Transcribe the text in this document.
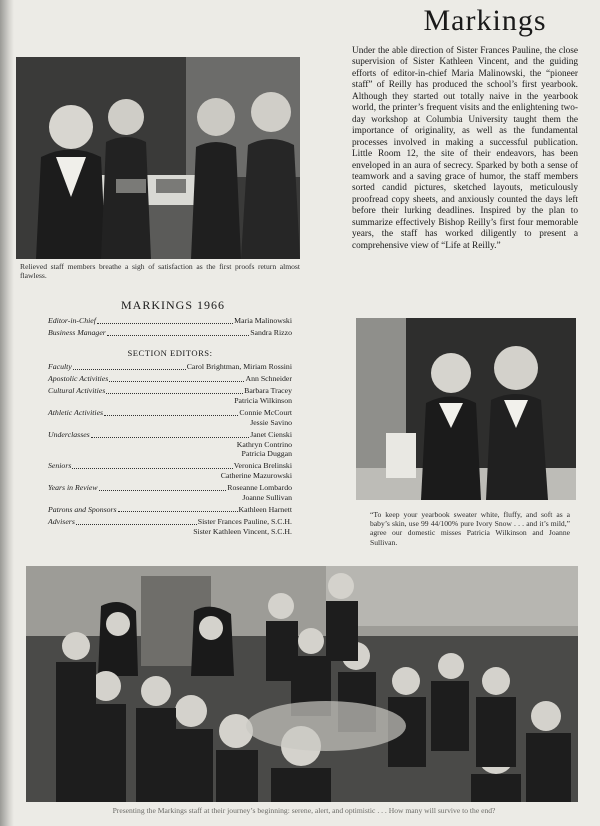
Relieved staff members breathe a sigh of satisfaction as the first proofs return almost flawless.
Markings

Under the able direction of Sister Frances Pauline, the close supervision of Sister Kathleen Vincent, and the guiding efforts of editor-in-chief Maria Malinowski, the “pioneer staff” of Reilly has produced the school’s first yearbook. Although they started out totally naive in the yearbook world, the printer’s frequent visits and the enlightening two-day workshop at Columbia University taught them the importance of originality, as well as the fundamental processes involved in making a successful publication. Little Room 12, the site of their endeavors, has been enveloped in an aura of secrecy. Sparked by both a sense of teamwork and a saving grace of humor, the staff members sorted candid pictures, sketched layouts, meticulously proofread copy sheets, and anxiously counted the days left before their lurking deadlines. Inspired by the plan to summarize effectively Bishop Reilly’s first four memorable years, the staff has worked diligently to present a comprehensive view of “Life at Reilly.”

MARKINGS 1966
Editor-in-Chief	Maria Malinowski
Business Manager	Sandra Rizzo
SECTION EDITORS:
Faculty	Carol Brightman, Miriam Rossini
Apostolic Activities	Ann Schneider
Cultural Activities	Barbara Tracey
Patricia Wilkinson
Athletic Activities	Connie McCourt
Jessie Savino
Underclasses	Janet Cienski
Kathryn Contrino
Patricia Duggan
Seniors	Veronica Brelinski
Catherine Mazurowski
Years in Review	Roseanne Lombardo
Joanne Sullivan
Patrons and Sponsors	Kathleen Harnett
Advisers	Sister Frances Pauline, S.C.H.
Sister Kathleen Vincent, S.C.H.
“To keep your yearbook sweater white, fluffy, and soft as a baby’s skin, use 99 44/100% pure Ivory Snow . . . and it’s mild,” agree our domestic misses Patricia Wilkinson and Joanne Sullivan.
Presenting the Markings staff at their journey’s beginning: serene, alert, and optimistic . . . How many will survive to the end?
